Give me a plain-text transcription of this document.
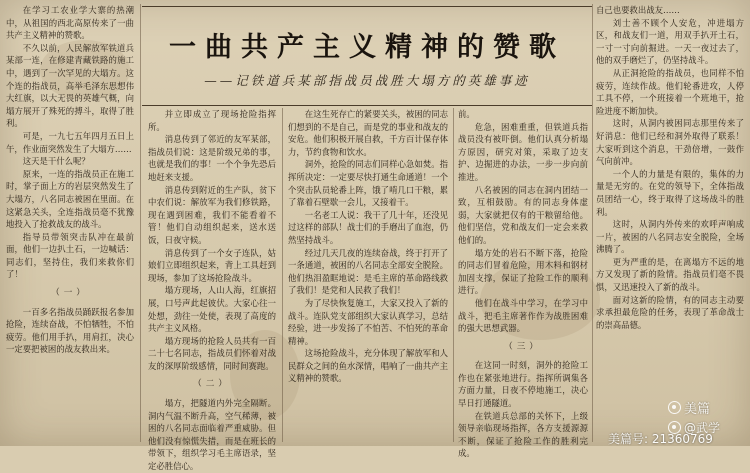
在学习工农业学大寨的热潮中，从祖国的西北高原传来了一曲共产主义精神的赞歌。

不久以前，人民解放军铁道兵某部一连，在修建青藏铁路的施工中，遇到了一次罕见的大塌方。这个连的指战员，高举毛泽东思想伟大红旗，以大无畏的英雄气概，向塌方展开了殊死的搏斗，取得了胜利。

可是，一九七五年四月五日上午，作业面突然发生了大塌方……

这天是干什么呢？

原来，一连的指战员正在施工时，掌子面上方的岩层突然发生了大塌方，八名同志被困在里面。在这紧急关头，全连指战员毫不犹豫地投入了抢救战友的战斗。

指导员带领突击队冲在最前面，他们一边扒土石，一边喊话：同志们，坚持住，我们来救你们了！

（一）

一百多名指战员踊跃报名参加抢险，连续奋战，不怕牺牲，不怕疲劳。他们用手扒，用肩扛，决心一定要把被困的战友救出来。

一曲共产主义精神的赞歌
——记铁道兵某部指战员战胜大塌方的英雄事迹

并立即成立了现场抢险指挥所。

消息传到了邻近的友军某部，指战员们说：这是阶级兄弟的事，也就是我们的事！一个个争先恐后地赶来支援。

消息传到附近的生产队，贫下中农们说：解放军为我们修铁路，现在遇到困难，我们不能看着不管！他们自动组织起来，送水送饭，日夜守候。

消息传到了一个女子连队，姑娘们立即组织起来，背上工具赶到现场，参加了这场抢险战斗。

塌方现场，人山人海，红旗招展，口号声此起彼伏。大家心往一处想，劲往一处使，表现了高度的共产主义风格。

塌方现场的抢险人员共有一百二十七名同志，指战员们怀着对战友的深厚阶级感情，同时间赛跑。

（二）

塌方，把隧道内外完全隔断。洞内气温不断升高，空气稀薄，被困的八名同志面临着严重威胁。但他们没有惊慌失措，而是在班长的带领下，组织学习毛主席语录，坚定必胜信心。

在这生死存亡的紧要关头，被困的同志们想到的不是自己，而是党的事业和战友的安危。他们积极开展自救，千方百计保存体力，节约食物和饮水。

洞外，抢险的同志们同样心急如焚。指挥所决定：一定要尽快打通生命通道！一个个突击队员轮番上阵，饿了啃几口干粮，累了靠着石壁歇一会儿，又接着干。

一名老工人说：我干了几十年，还没见过这样的部队！战士们的手磨出了血泡，仍然坚持战斗。

经过几天几夜的连续奋战，终于打开了一条通道，被困的八名同志全部安全脱险。他们热泪盈眶地说：是毛主席的革命路线救了我们！是党和人民救了我们！

为了尽快恢复施工，大家又投入了新的战斗。连队党支部组织大家认真学习，总结经验，进一步发扬了不怕苦、不怕死的革命精神。

这场抢险战斗，充分体现了解放军和人民群众之间的鱼水深情，唱响了一曲共产主义精神的赞歌。

前。

危急，困难重重，但铁道兵指战员没有被吓倒。他们认真分析塌方原因，研究对策，采取了边支护、边掘进的办法，一步一步向前推进。

八名被困的同志在洞内团结一致，互相鼓励。有的同志身体虚弱，大家就把仅有的干粮留给他。他们坚信，党和战友们一定会来救他们的。

塌方处的岩石不断下落，抢险的同志们冒着危险，用木料和钢材加固支撑，保证了抢险工作的顺利进行。

他们在战斗中学习，在学习中战斗，把毛主席著作作为战胜困难的强大思想武器。

（三）

在这同一时刻，洞外的抢险工作也在紧张地进行。指挥所调集各方面力量，日夜不停地施工，决心早日打通隧道。

在铁道兵总部的关怀下，上级领导亲临现场指挥，各方支援源源不断，保证了抢险工作的胜利完成。

自己也要救出战友……

刘士善不顾个人安危，冲进塌方区，和战友们一道，用双手扒开土石，一寸一寸向前掘进。一天一夜过去了，他的双手磨烂了，仍坚持战斗。

从正洞抢险的指战员，也同样不怕疲劳，连续作战。他们轮番进攻，人停工具不停，一个班接着一个班地干，抢险进度不断加快。

这时，从洞内被困同志那里传来了好消息：他们已经和洞外取得了联系！大家听到这个消息，干劲倍增，一鼓作气向前冲。

一个人的力量是有限的，集体的力量是无穷的。在党的领导下，全体指战员团结一心，终于取得了这场战斗的胜利。

这时，从洞内外传来的欢呼声响成一片，被困的八名同志安全脱险，全场沸腾了。

更为严重的是，在离塌方不远的地方又发现了新的险情。指战员们毫不畏惧，又迅速投入了新的战斗。

面对这新的险情，有的同志主动要求承担最危险的任务，表现了革命战士的崇高品德。

美篇
@武学
美篇号: 21360769
